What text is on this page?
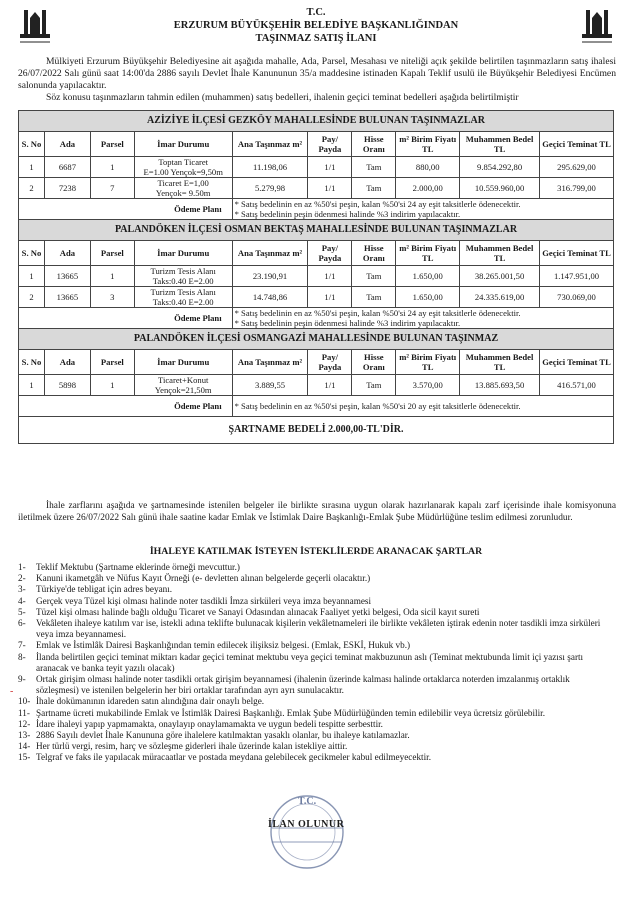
T.C.
ERZURUM BÜYÜKŞEHİR BELEDİYE BAŞKANLIĞINDAN
TAŞINMAZ SATIŞ İLANI

Mülkiyeti Erzurum Büyükşehir Belediyesine ait aşağıda mahalle, Ada, Parsel, Mesahası ve niteliği açık şekilde belirtilen taşınmazların satış ihalesi 26/07/2022 Salı günü saat 14:00'da 2886 sayılı Devlet İhale Kanununun 35/a maddesine istinaden Kapalı Teklif usulü ile Büyükşehir Belediyesi Encümen salonunda yapılacaktır.

Söz konusu taşınmazların tahmin edilen (muhammen) satış bedelleri, ihalenin geçici teminat bedelleri aşağıda belirtilmiştir

AZİZİYE İLÇESİ GEZKÖY MAHALLESİNDE BULUNAN TAŞINMAZLAR									
S. No	Ada	Parsel	İmar Durumu	Ana Taşınmaz m²	Pay/ Payda	Hisse Oranı	m² Birim Fiyatı TL	Muhammen Bedel TL	Geçici Teminat TL
1	6687	1	Toptan Ticaret
E=1.00 Yençok=9,50m	11.198,06	1/1	Tam	880,00	9.854.292,80	295.629,00
2	7238	7	Ticaret E=1,00
Yençok= 9.50m	5.279,98	1/1	Tam	2.000,00	10.559.960,00	316.799,00
Ödeme Planı				* Satış bedelinin en az %50'si peşin, kalan %50'si 24 ay eşit taksitlerle ödenecektir.
* Satış bedelinin peşin ödenmesi halinde %3 indirim yapılacaktır.					

PALANDÖKEN İLÇESİ OSMAN BEKTAŞ MAHALLESİNDE BULUNAN TAŞINMAZLAR									
S. No	Ada	Parsel	İmar Durumu	Ana Taşınmaz m²	Pay/ Payda	Hisse Oranı	m² Birim Fiyatı TL	Muhammen Bedel TL	Geçici Teminat TL
1	13665	1	Turizm Tesis Alanı
Taks:0.40 E=2.00	23.190,91	1/1	Tam	1.650,00	38.265.001,50	1.147.951,00
2	13665	3	Turizm Tesis Alanı
Taks:0.40 E=2.00	14.748,86	1/1	Tam	1.650,00	24.335.619,00	730.069,00
Ödeme Planı				* Satış bedelinin en az %50'si peşin, kalan %50'si 24 ay eşit taksitlerle ödenecektir.
* Satış bedelinin peşin ödenmesi halinde %3 indirim yapılacaktır.					

PALANDÖKEN İLÇESİ OSMANGAZİ MAHALLESİNDE BULUNAN TAŞINMAZ									
S. No	Ada	Parsel	İmar Durumu	Ana Taşınmaz m²	Pay/ Payda	Hisse Oranı	m² Birim Fiyatı TL	Muhammen Bedel TL	Geçici Teminat TL
1	5898	1	Ticaret+Konut
Yençok=21,50m	3.889,55	1/1	Tam	3.570,00	13.885.693,50	416.571,00
Ödeme Planı				* Satış bedelinin en az %50'si peşin, kalan %50'si 20 ay eşit taksitlerle ödenecektir.					

ŞARTNAME BEDELİ 2.000,00-TL'DİR.									

İhale zarflarını aşağıda ve şartnamesinde istenilen belgeler ile birlikte sırasına uygun olarak hazırlanarak kapalı zarf içerisinde ihale komisyonuna iletilmek üzere 26/07/2022 Salı günü ihale saatine kadar Emlak ve İstimlak Daire Başkanlığı-Emlak Şube Müdürlüğüne teslim edilmesi zorunludur.

İHALEYE KATILMAK İSTEYEN İSTEKLİLERDE ARANACAK ŞARTLAR
1-	Teklif Mektubu (Şartname eklerinde örneği mevcuttur.)
2-	Kanuni ikametgâh ve Nüfus Kayıt Örneği (e- devletten alınan belgelerde geçerli olacaktır.)
3-	Türkiye'de tebligat için adres beyanı.
4-	Gerçek veya Tüzel kişi olması halinde noter tasdikli İmza sirküleri veya imza beyannamesi
5-	Tüzel kişi olması halinde bağlı olduğu Ticaret ve Sanayi Odasından alınacak Faaliyet yetki belgesi, Oda sicil kayıt sureti
6-	Vekâleten ihaleye katılım var ise, istekli adına teklifte bulunacak kişilerin vekâletnameleri ile birlikte vekâleten iştirak edenin noter tasdikli imza sirküleri veya imza beyannamesi.
7-	Emlak ve İstimlâk Dairesi Başkanlığından temin edilecek ilişiksiz belgesi. (Emlak, ESKİ, Hukuk vb.)
8-	İlanda belirtilen geçici teminat miktarı kadar geçici teminat mektubu veya geçici teminat makbuzunun aslı (Teminat mektubunda limit içi yazısı şartı aranacak ve banka teyit yazılı olacak)
9-	Ortak girişim olması halinde noter tasdikli ortak girişim beyannamesi (ihalenin üzerinde kalması halinde ortaklarca noterden imzalanmış ortaklık sözleşmesi) ve istenilen belgelerin her biri ortaklar tarafından ayrı ayrı sunulacaktır.
10- İhale dokümanının idareden satın alındığına dair onaylı belge.
11- Şartname ücreti mukabilinde Emlak ve İstimlâk Dairesi Başkanlığı. Emlak Şube Müdürlüğünden temin edilebilir veya ücretsiz görülebilir.
12- İdare ihaleyi yapıp yapmamakta, onaylayıp onaylamamakta ve uygun bedeli tespitte serbesttir.
13- 2886 Sayılı devlet İhale Kanununa göre ihalelere katılmaktan yasaklı olanlar, bu ihaleye katılamazlar.
14- Her türlü vergi, resim, harç ve sözleşme giderleri ihale üzerinde kalan istekliye aittir.
15- Telgraf ve faks ile yapılacak müracaatlar ve postada meydana gelebilecek gecikmeler kabul edilmeyecektir.
-
T.C.
İLAN OLUNUR
